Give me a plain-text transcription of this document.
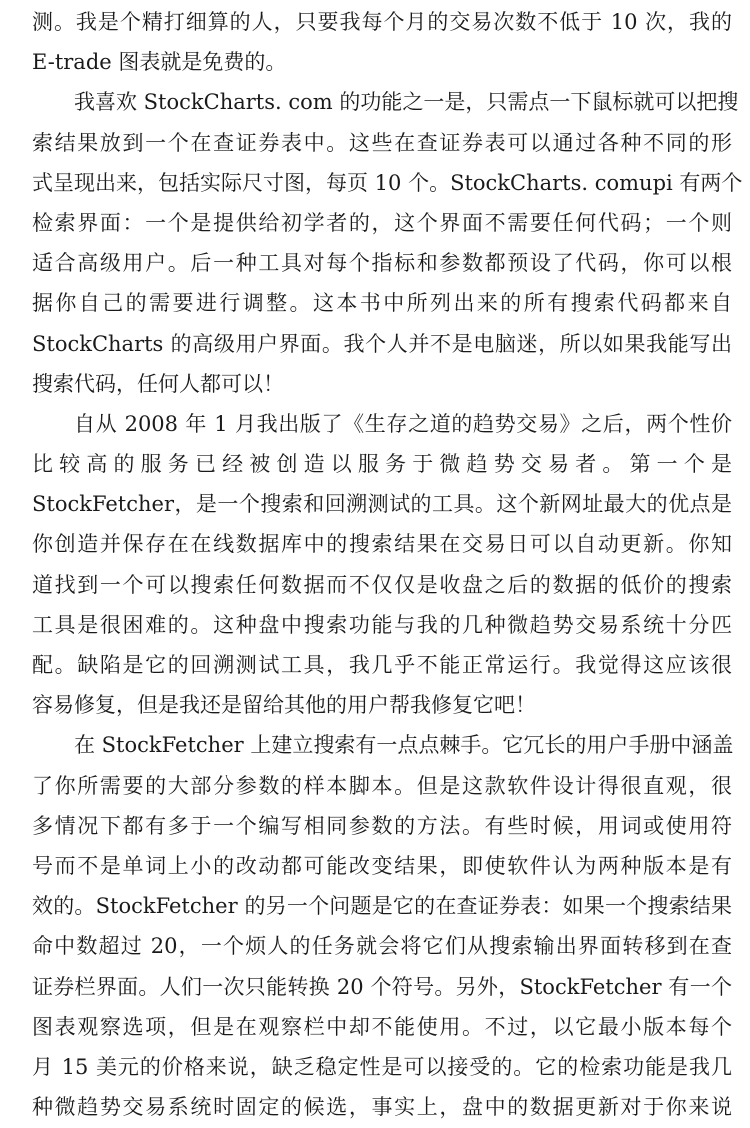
测。我是个精打细算的人，只要我每个月的交易次数不低于 10 次，我的
E-trade 图表就是免费的。
我喜欢 StockCharts. com 的功能之一是，只需点一下鼠标就可以把搜
索结果放到一个在查证券表中。这些在查证券表可以通过各种不同的形
式呈现出来，包括实际尺寸图，每页 10 个。StockCharts. comupi 有两个
检索界面：一个是提供给初学者的，这个界面不需要任何代码；一个则
适合高级用户。后一种工具对每个指标和参数都预设了代码，你可以根
据你自己的需要进行调整。这本书中所列出来的所有搜索代码都来自
StockCharts 的高级用户界面。我个人并不是电脑迷，所以如果我能写出
搜索代码，任何人都可以！
自从 2008 年 1 月我出版了《生存之道的趋势交易》之后，两个性价
比较高的服务已经被创造以服务于微趋势交易者。第一个是
StockFetcher，是一个搜索和回溯测试的工具。这个新网址最大的优点是
你创造并保存在在线数据库中的搜索结果在交易日可以自动更新。你知
道找到一个可以搜索任何数据而不仅仅是收盘之后的数据的低价的搜索
工具是很困难的。这种盘中搜索功能与我的几种微趋势交易系统十分匹
配。缺陷是它的回溯测试工具，我几乎不能正常运行。我觉得这应该很
容易修复，但是我还是留给其他的用户帮我修复它吧！
在 StockFetcher 上建立搜索有一点点棘手。它冗长的用户手册中涵盖
了你所需要的大部分参数的样本脚本。但是这款软件设计得很直观，很
多情况下都有多于一个编写相同参数的方法。有些时候，用词或使用符
号而不是单词上小的改动都可能改变结果，即使软件认为两种版本是有
效的。StockFetcher 的另一个问题是它的在查证券表：如果一个搜索结果
命中数超过 20，一个烦人的任务就会将它们从搜索输出界面转移到在查
证券栏界面。人们一次只能转换 20 个符号。另外，StockFetcher 有一个
图表观察选项，但是在观察栏中却不能使用。不过，以它最小版本每个
月 15 美元的价格来说，缺乏稳定性是可以接受的。它的检索功能是我几
种微趋势交易系统时固定的候选，事实上，盘中的数据更新对于你来说
